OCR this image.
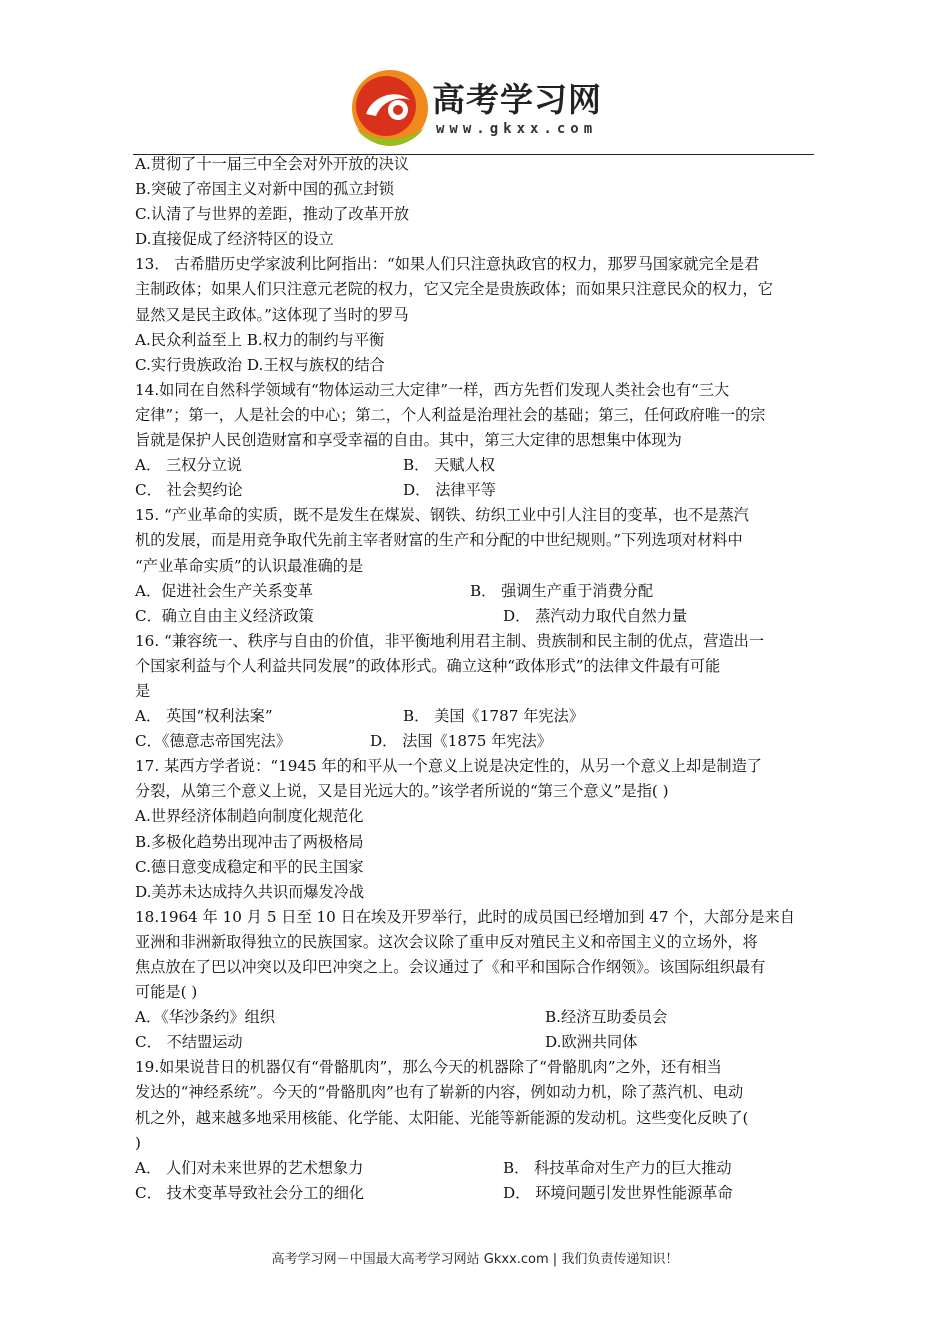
高考学习网
www.gkxx.com
A.贯彻了十一届三中全会对外开放的决议
B.突破了帝国主义对新中国的孤立封锁
C.认清了与世界的差距，推动了改革开放
D.直接促成了经济特区的设立
13． 古希腊历史学家波利比阿指出：“如果人们只注意执政官的权力，那罗马国家就完全是君
主制政体；如果人们只注意元老院的权力，它又完全是贵族政体；而如果只注意民众的权力，它
显然又是民主政体。”这体现了当时的罗马
A.民众利益至上 B.权力的制约与平衡
C.实行贵族政治 D.王权与族权的结合
14.如同在自然科学领域有“物体运动三大定律”一样，西方先哲们发现人类社会也有“三大
定律”；第一，人是社会的中心；第二，个人利益是治理社会的基础；第三，任何政府唯一的宗
旨就是保护人民创造财富和享受幸福的自由。其中，第三大定律的思想集中体现为
A． 三权分立说	B． 天赋人权
C． 社会契约论	D． 法律平等
15. “产业革命的实质，既不是发生在煤炭、钢铁、纺织工业中引人注目的变革，也不是蒸汽
机的发展，而是用竞争取代先前主宰者财富的生产和分配的中世纪规则。”下列选项对材料中
“产业革命实质”的认识最准确的是
A．促进社会生产关系变革	B． 强调生产重于消费分配
C．确立自由主义经济政策	D． 蒸汽动力取代自然力量
16. “兼容统一、秩序与自由的价值，非平衡地利用君主制、贵族制和民主制的优点，营造出一
个国家利益与个人利益共同发展”的政体形式。确立这种“政体形式”的法律文件最有可能
是
A． 英国“权利法案”	B． 美国《1787 年宪法》
C．《德意志帝国宪法》	D． 法国《1875 年宪法》
17. 某西方学者说：“1945 年的和平从一个意义上说是决定性的，从另一个意义上却是制造了
分裂，从第三个意义上说，又是目光远大的。”该学者所说的“第三个意义”是指( )
A.世界经济体制趋向制度化规范化
B.多极化趋势出现冲击了两极格局
C.德日意变成稳定和平的民主国家
D.美苏未达成持久共识而爆发冷战
18.1964 年 10 月 5 日至 10 日在埃及开罗举行，此时的成员国已经增加到 47 个，大部分是来自
亚洲和非洲新取得独立的民族国家。这次会议除了重申反对殖民主义和帝国主义的立场外，将
焦点放在了巴以冲突以及印巴冲突之上。会议通过了《和平和国际合作纲领》。该国际组织最有
可能是( )
A．《华沙条约》组织	B.经济互助委员会
C． 不结盟运动	D.欧洲共同体
19.如果说昔日的机器仅有“骨骼肌肉”，那么今天的机器除了“骨骼肌肉”之外，还有相当
发达的“神经系统”。今天的“骨骼肌肉”也有了崭新的内容，例如动力机，除了蒸汽机、电动
机之外，越来越多地采用核能、化学能、太阳能、光能等新能源的发动机。这些变化反映了(
)
A． 人们对未来世界的艺术想象力	B． 科技革命对生产力的巨大推动
C． 技术变革导致社会分工的细化	D． 环境问题引发世界性能源革命
高考学习网－中国最大高考学习网站 Gkxx.com | 我们负责传递知识！
